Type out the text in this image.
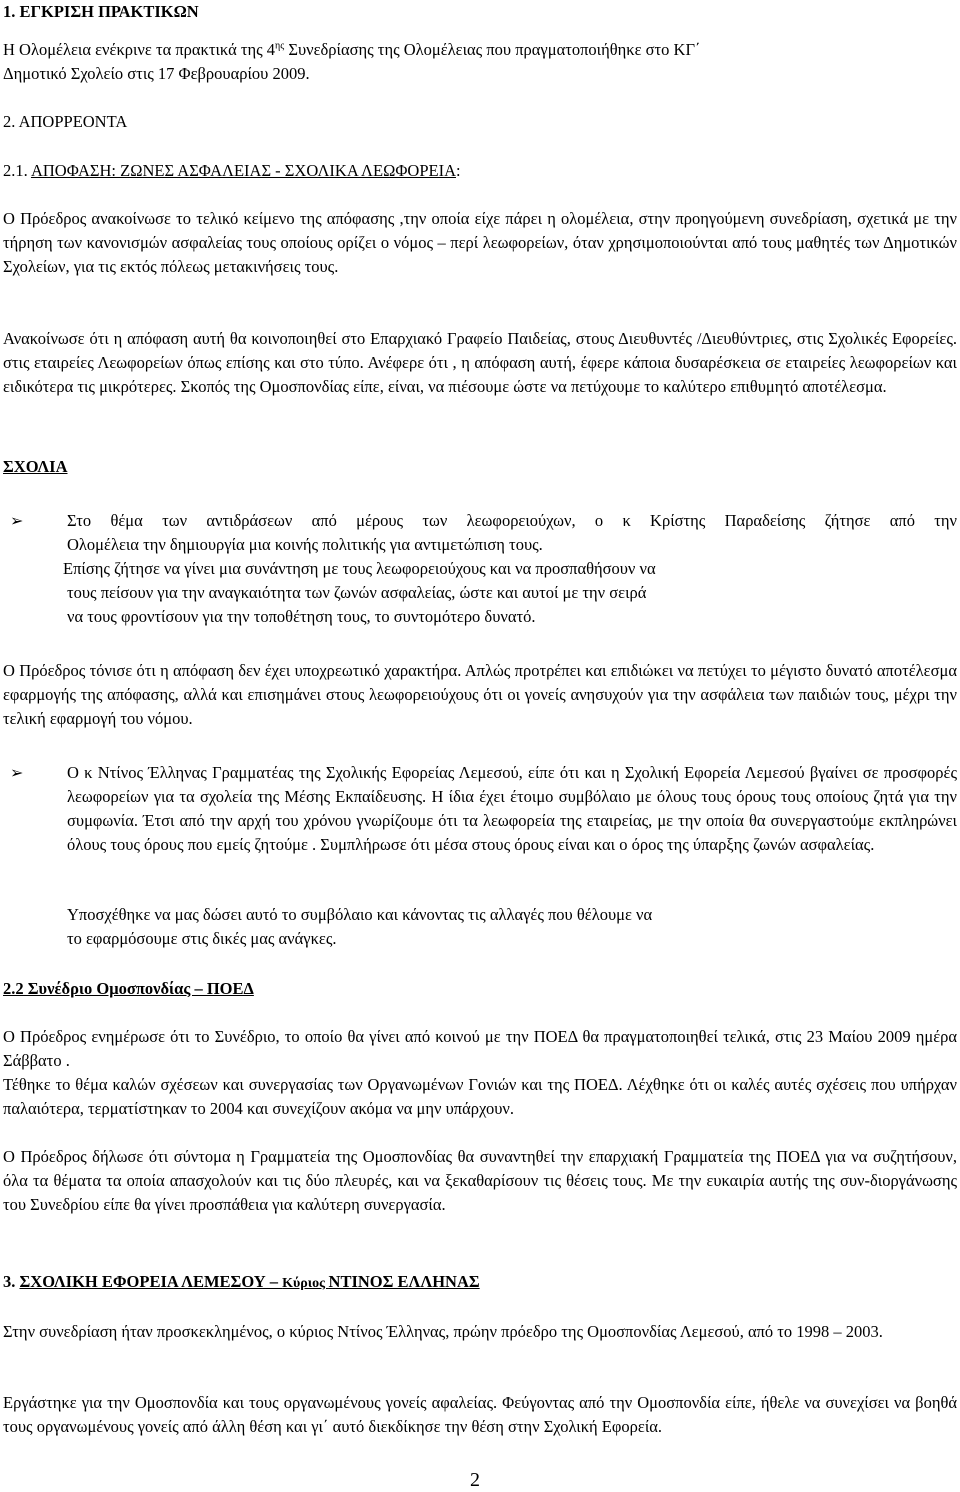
1. ΕΓΚΡΙΣΗ ΠΡΑΚΤΙΚΩΝ
Η Ολομέλεια ενέκρινε τα πρακτικά της $4^{\eta\varsigma}$ Συνεδρίασης της Ολομέλειας που πραγματοποιήθηκε στο ΚΓ΄
Δημοτικό Σχολείο στις 17 Φεβρουαρίου 2009.
2. ΑΠΟΡΡΕΟΝΤΑ
2.1. ΑΠΟΦΑΣΗ: ΖΩΝΕΣ ΑΣΦΑΛΕΙΑΣ - ΣΧΟΛΙΚΑ ΛΕΩΦΟΡΕΙΑ:

Ο Πρόεδρος ανακοίνωσε το τελικό κείμενο της απόφασης ,την οποία είχε πάρει η ολομέλεια, στην προηγούμενη συνεδρίαση, σχετικά με την τήρηση των κανονισμών ασφαλείας τους οποίους ορίζει ο νόμος – περί λεωφορείων, όταν χρησιμοποιούνται από τους μαθητές των Δημοτικών Σχολείων, για τις εκτός πόλεως μετακινήσεις τους.

Ανακοίνωσε ότι η απόφαση αυτή θα κοινοποιηθεί στο Επαρχιακό Γραφείο Παιδείας, στους Διευθυντές /Διευθύντριες, στις Σχολικές Εφορείες. στις εταιρείες Λεωφορείων όπως επίσης και στο τύπο. Ανέφερε ότι , η απόφαση αυτή, έφερε κάποια δυσαρέσκεια σε εταιρείες λεωφορείων και ειδικότερα τις μικρότερες. Σκοπός της Ομοσπονδίας είπε, είναι, να πιέσουμε ώστε να πετύχουμε το καλύτερο επιθυμητό αποτέλεσμα.

ΣΧΟΛΙΑ
➢	Στο θέμα των αντιδράσεων από μέρους των λεωφορειούχων, ο κ Κρίστης Παραδείσης ζήτησε από την
Ολομέλεια την δημιουργία μια κοινής πολιτικής για αντιμετώπιση τους.
Επίσης ζήτησε να γίνει μια συνάντηση με τους λεωφορειούχους και να προσπαθήσουν να
τους πείσουν για την αναγκαιότητα των ζωνών ασφαλείας, ώστε και αυτοί με την σειρά
να τους φροντίσουν για την τοποθέτηση τους, το συντομότερο δυνατό.

Ο Πρόεδρος τόνισε ότι η απόφαση δεν έχει υποχρεωτικό χαρακτήρα. Απλώς προτρέπει και επιδιώκει να πετύχει το μέγιστο δυνατό αποτέλεσμα εφαρμογής της απόφασης, αλλά και επισημάνει στους λεωφορειούχους ότι οι γονείς ανησυχούν για την ασφάλεια των παιδιών τους, μέχρι την τελική εφαρμογή του νόμου.

➢	Ο κ Ντίνος Έλληνας Γραμματέας της Σχολικής Εφορείας Λεμεσού, είπε ότι και η Σχολική Εφορεία Λεμεσού βγαίνει σε προσφορές λεωφορείων για τα σχολεία της Μέσης Εκπαίδευσης. Η ίδια έχει έτοιμο συμβόλαιο με όλους τους όρους τους οποίους ζητά για την συμφωνία. Έτσι από την αρχή του χρόνου γνωρίζουμε ότι τα λεωφορεία της εταιρείας, με την οποία θα συνεργαστούμε εκπληρώνει όλους τους όρους που εμείς ζητούμε . Συμπλήρωσε ότι μέσα στους όρους είναι και ο όρος της ύπαρξης ζωνών ασφαλείας.

Υποσχέθηκε να μας δώσει αυτό το συμβόλαιο και κάνοντας τις αλλαγές που θέλουμε να
το εφαρμόσουμε στις δικές μας ανάγκες.
2.2 Συνέδριο Ομοσπονδίας – ΠΟΕΔ

Ο Πρόεδρος ενημέρωσε ότι το Συνέδριο, το οποίο θα γίνει από κοινού με την ΠΟΕΔ θα πραγματοποιηθεί τελικά, στις 23 Μαίου 2009 ημέρα Σάββατο .

Τέθηκε το θέμα καλών σχέσεων και συνεργασίας των Οργανωμένων Γονιών και της ΠΟΕΔ. Λέχθηκε ότι οι καλές αυτές σχέσεις που υπήρχαν παλαιότερα, τερματίστηκαν το 2004 και συνεχίζουν ακόμα να μην υπάρχουν.

Ο Πρόεδρος δήλωσε ότι σύντομα η Γραμματεία της Ομοσπονδίας θα συναντηθεί την επαρχιακή Γραμματεία της ΠΟΕΔ για να συζητήσουν, όλα τα θέματα τα οποία απασχολούν και τις δύο πλευρές, και να ξεκαθαρίσουν τις θέσεις τους. Με την ευκαιρία αυτής της συν-διοργάνωσης του Συνεδρίου είπε θα γίνει προσπάθεια για καλύτερη συνεργασία.

3. ΣΧΟΛΙΚΗ ΕΦΟΡΕΙΑ ΛΕΜΕΣΟΥ – Κύριος ΝΤΙΝΟΣ ΕΛΛΗΝΑΣ

Στην συνεδρίαση ήταν προσκεκλημένος, ο κύριος Ντίνος Έλληνας, πρώην πρόεδρο της Ομοσπονδίας Λεμεσού, από το 1998 – 2003.

Εργάστηκε για την Ομοσπονδία και τους οργανωμένους γονείς αφαλείας. Φεύγοντας από την Ομοσπονδία είπε, ήθελε να συνεχίσει να βοηθά τους οργανωμένους γονείς από άλλη θέση και γι΄ αυτό διεκδίκησε την θέση στην Σχολική Εφορεία.

2
